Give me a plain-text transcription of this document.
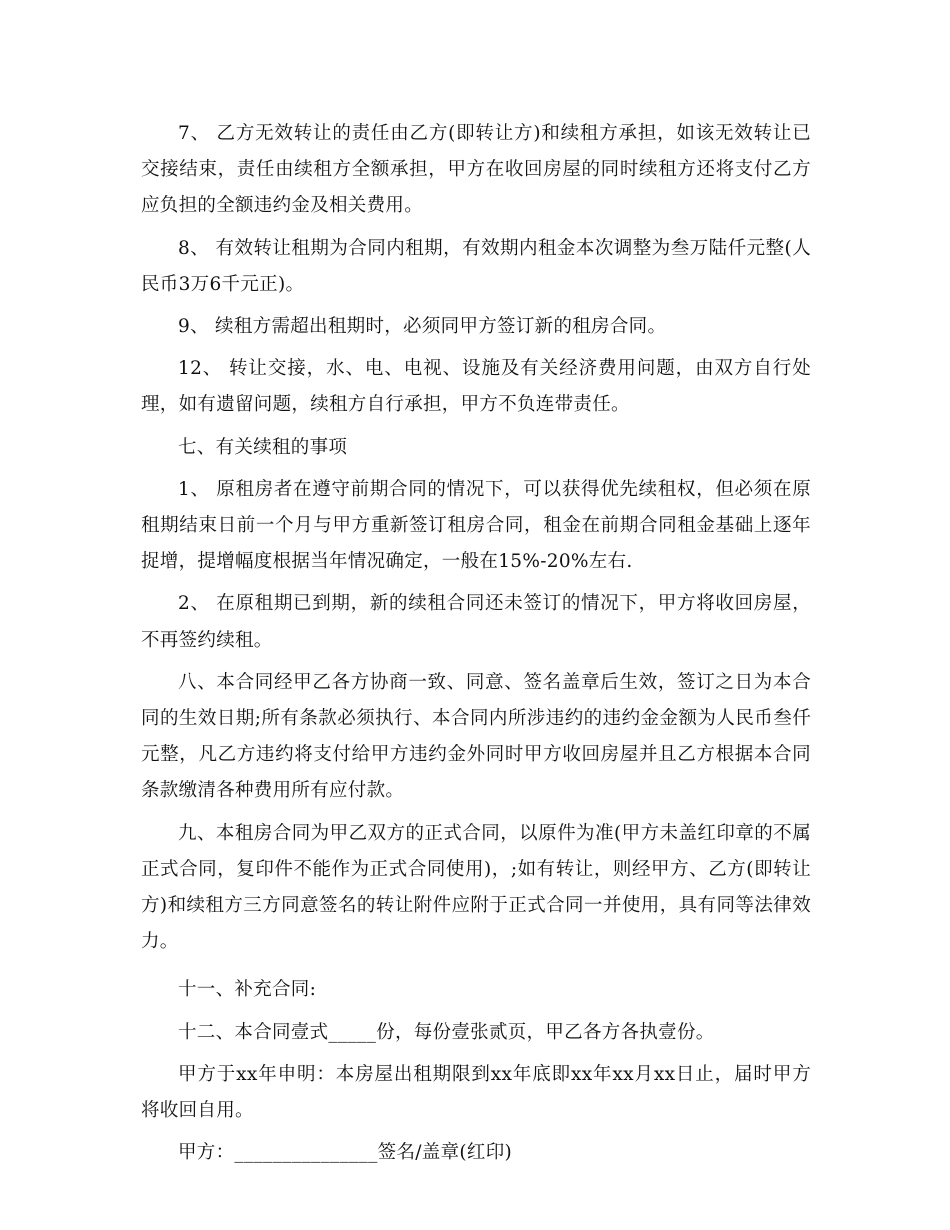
7、 乙方无效转让的责任由乙方(即转让方)和续租方承担，如该无效转让已交接结束，责任由续租方全额承担，甲方在收回房屋的同时续租方还将支付乙方应负担的全额违约金及相关费用。

8、 有效转让租期为合同内租期，有效期内租金本次调整为叁万陆仟元整(人民币3万6千元正)。

9、 续租方需超出租期时，必须同甲方签订新的租房合同。

12、 转让交接，水、电、电视、设施及有关经济费用问题，由双方自行处理，如有遗留问题，续租方自行承担，甲方不负连带责任。

七、有关续租的事项

1、 原租房者在遵守前期合同的情况下，可以获得优先续租权，但必须在原租期结束日前一个月与甲方重新签订租房合同，租金在前期合同租金基础上逐年捉增，提增幅度根据当年情况确定，一般在15%-20%左右.

2、 在原租期已到期，新的续租合同还未签订的情况下，甲方将收回房屋，不再签约续租。

八、本合同经甲乙各方协商一致、同意、签名盖章后生效，签订之日为本合同的生效日期;所有条款必须执行、本合同内所涉违约的违约金金额为人民币叁仟元整，凡乙方违约将支付给甲方违约金外同时甲方收回房屋并且乙方根据本合同条款缴清各种费用所有应付款。

九、本租房合同为甲乙双方的正式合同，以原件为准(甲方未盖红印章的不属正式合同，复印件不能作为正式合同使用)，;如有转让，则经甲方、乙方(即转让方)和续租方三方同意签名的转让附件应附于正式合同一并使用，具有同等法律效力。

十一、补充合同:

十二、本合同壹式_____份，每份壹张贰页，甲乙各方各执壹份。

甲方于xx年申明：本房屋出租期限到xx年底即xx年xx月xx日止，届时甲方将收回自用。

甲方：_______________签名/盖章(红印)
